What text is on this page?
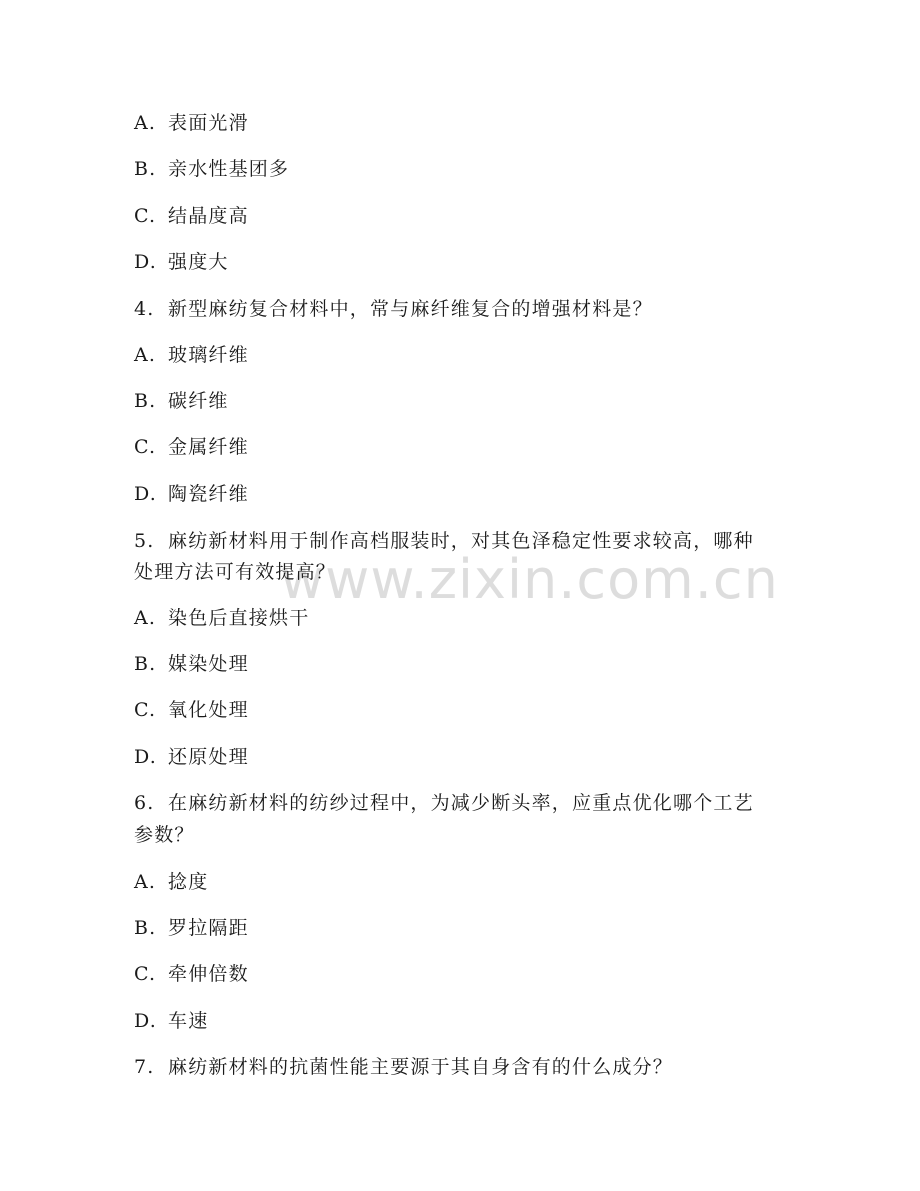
www.zixin.com.cn
A. 表面光滑
B. 亲水性基团多
C. 结晶度高
D. 强度大
4. 新型麻纺复合材料中，常与麻纤维复合的增强材料是？
A. 玻璃纤维
B. 碳纤维
C. 金属纤维
D. 陶瓷纤维
5. 麻纺新材料用于制作高档服装时，对其色泽稳定性要求较高，哪种
处理方法可有效提高？
A. 染色后直接烘干
B. 媒染处理
C. 氧化处理
D. 还原处理
6. 在麻纺新材料的纺纱过程中，为减少断头率，应重点优化哪个工艺
参数？
A. 捻度
B. 罗拉隔距
C. 牵伸倍数
D. 车速
7. 麻纺新材料的抗菌性能主要源于其自身含有的什么成分？
